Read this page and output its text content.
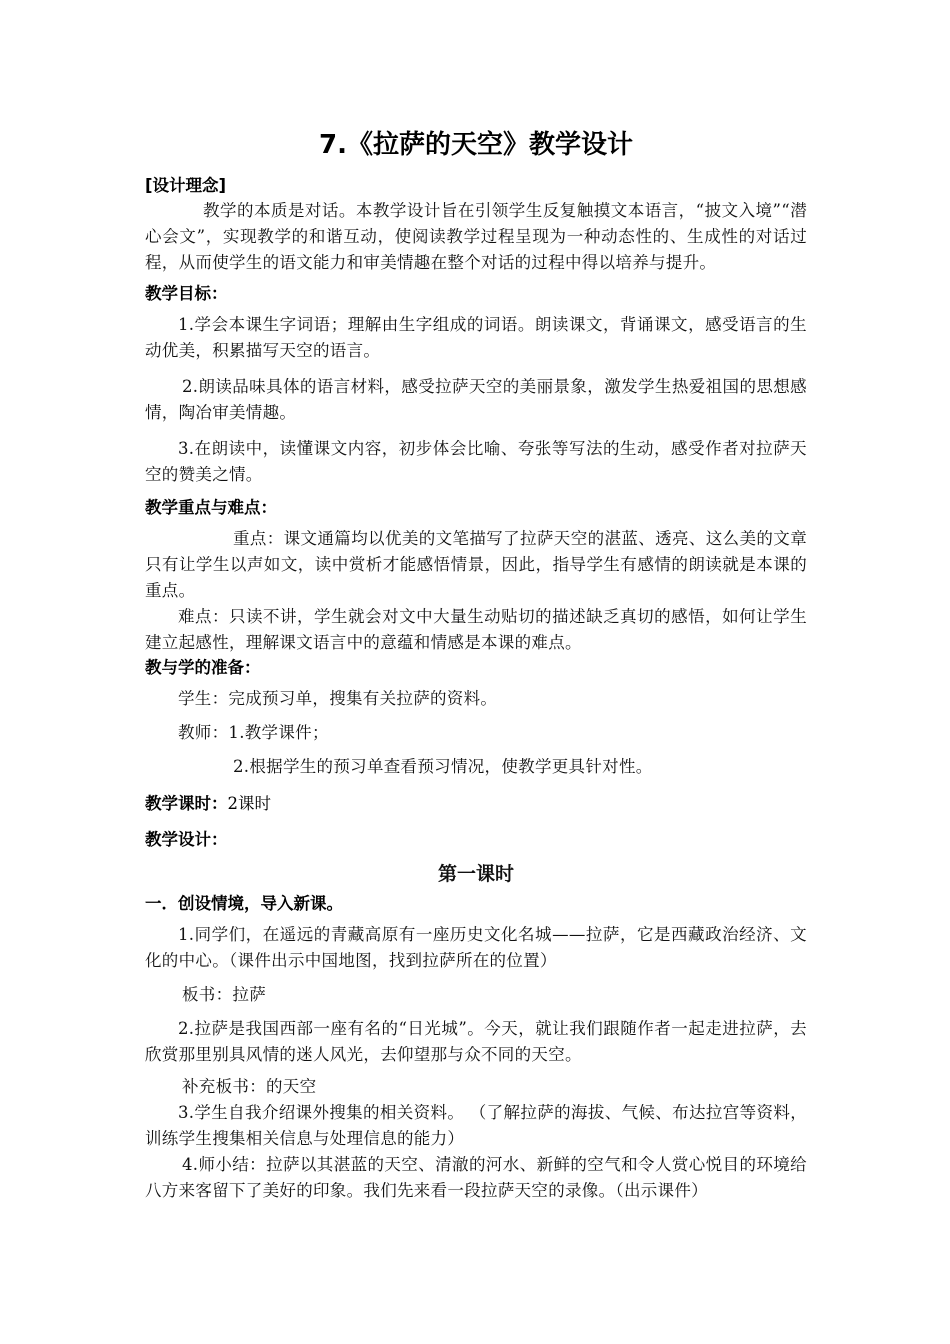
7.《拉萨的天空》教学设计

[设计理念]

教学的本质是对话。本教学设计旨在引领学生反复触摸文本语言，“披文入境”“潜心会文”，实现教学的和谐互动，使阅读教学过程呈现为一种动态性的、生成性的对话过程，从而使学生的语文能力和审美情趣在整个对话的过程中得以培养与提升。

教学目标：

1.学会本课生字词语；理解由生字组成的词语。朗读课文，背诵课文，感受语言的生动优美，积累描写天空的语言。

2.朗读品味具体的语言材料，感受拉萨天空的美丽景象，激发学生热爱祖国的思想感情，陶冶审美情趣。

3.在朗读中，读懂课文内容，初步体会比喻、夸张等写法的生动，感受作者对拉萨天空的赞美之情。

教学重点与难点：

重点：课文通篇均以优美的文笔描写了拉萨天空的湛蓝、透亮、这么美的文章只有让学生以声如文，读中赏析才能感悟情景，因此，指导学生有感情的朗读就是本课的重点。

难点：只读不讲，学生就会对文中大量生动贴切的描述缺乏真切的感悟，如何让学生建立起感性，理解课文语言中的意蕴和情感是本课的难点。

教与学的准备：

学生：完成预习单，搜集有关拉萨的资料。

教师：1.教学课件；

2.根据学生的预习单查看预习情况，使教学更具针对性。

教学课时：2课时

教学设计：

第一课时

一．创设情境，导入新课。

1.同学们，在遥远的青藏高原有一座历史文化名城——拉萨，它是西藏政治经济、文化的中心。（课件出示中国地图，找到拉萨所在的位置）

板书：拉萨

2.拉萨是我国西部一座有名的“日光城”。今天，就让我们跟随作者一起走进拉萨，去欣赏那里别具风情的迷人风光，去仰望那与众不同的天空。

补充板书：的天空

3.学生自我介绍课外搜集的相关资料。 （了解拉萨的海拔、气候、布达拉宫等资料，训练学生搜集相关信息与处理信息的能力）

4.师小结：拉萨以其湛蓝的天空、清澈的河水、新鲜的空气和令人赏心悦目的环境给八方来客留下了美好的印象。我们先来看一段拉萨天空的录像。（出示课件）
